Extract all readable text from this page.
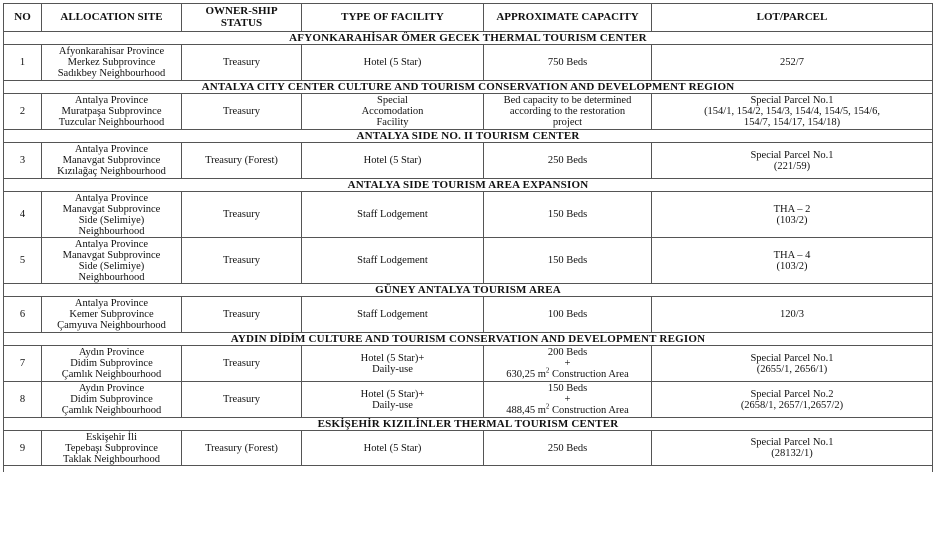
NO	ALLOCATION SITE	OWNER-SHIP
STATUS	TYPE OF FACILITY	APPROXIMATE CAPACITY	LOT/PARCEL
AFYONKARAHİSAR ÖMER GECEK THERMAL TOURISM CENTER					
1	Afyonkarahisar Province
Merkez Subprovince
Sadıkbey Neighbourhood	Treasury	Hotel (5 Star)	750 Beds	252/7
ANTALYA CITY CENTER CULTURE AND TOURISM CONSERVATION AND DEVELOPMENT REGION					
2	Antalya Province
Muratpaşa Subprovince
Tuzcular Neighbourhood	Treasury	Special
Accomodation
Facility	Bed capacity to be determined
according to the restoration
project	Special Parcel No.1
(154/1, 154/2, 154/3, 154/4, 154/5, 154/6,
154/7, 154/17, 154/18)
ANTALYA SIDE NO. II TOURISM CENTER					
3	Antalya Province
Manavgat Subprovince
Kızılağaç Neighbourhood	Treasury (Forest)	Hotel (5 Star)	250 Beds	Special Parcel No.1
(221/59)
ANTALYA SIDE TOURISM AREA EXPANSION					
4	Antalya Province
Manavgat Subprovince
Side (Selimiye)
Neighbourhood	Treasury	Staff Lodgement	150 Beds	THA – 2
(103/2)
5	Antalya Province
Manavgat Subprovince
Side (Selimiye)
Neighbourhood	Treasury	Staff Lodgement	150 Beds	THA – 4
(103/2)
GÜNEY ANTALYA TOURISM AREA					
6	Antalya Province
Kemer Subprovince
Çamyuva Neighbourhood	Treasury	Staff Lodgement	100 Beds	120/3
AYDIN DİDİM CULTURE AND TOURISM CONSERVATION AND DEVELOPMENT REGION					
7	Aydın Province
Didim Subprovince
Çamlık Neighbourhood	Treasury	Hotel (5 Star)+
Daily-use	200 Beds
+
630,25 $m^2$ Construction Area	Special Parcel No.1
(2655/1, 2656/1)
8	Aydın Province
Didim Subprovince
Çamlık Neighbourhood	Treasury	Hotel (5 Star)+
Daily-use	150 Beds
+
488,45 $m^2$ Construction Area	Special Parcel No.2
(2658/1, 2657/1,2657/2)
ESKİŞEHİR KIZILİNLER THERMAL TOURISM CENTER					
9	Eskişehir İli
Tepebaşı Subprovince
Taklak Neighbourhood	Treasury (Forest)	Hotel (5 Star)	250 Beds	Special Parcel No.1
(28132/1)
